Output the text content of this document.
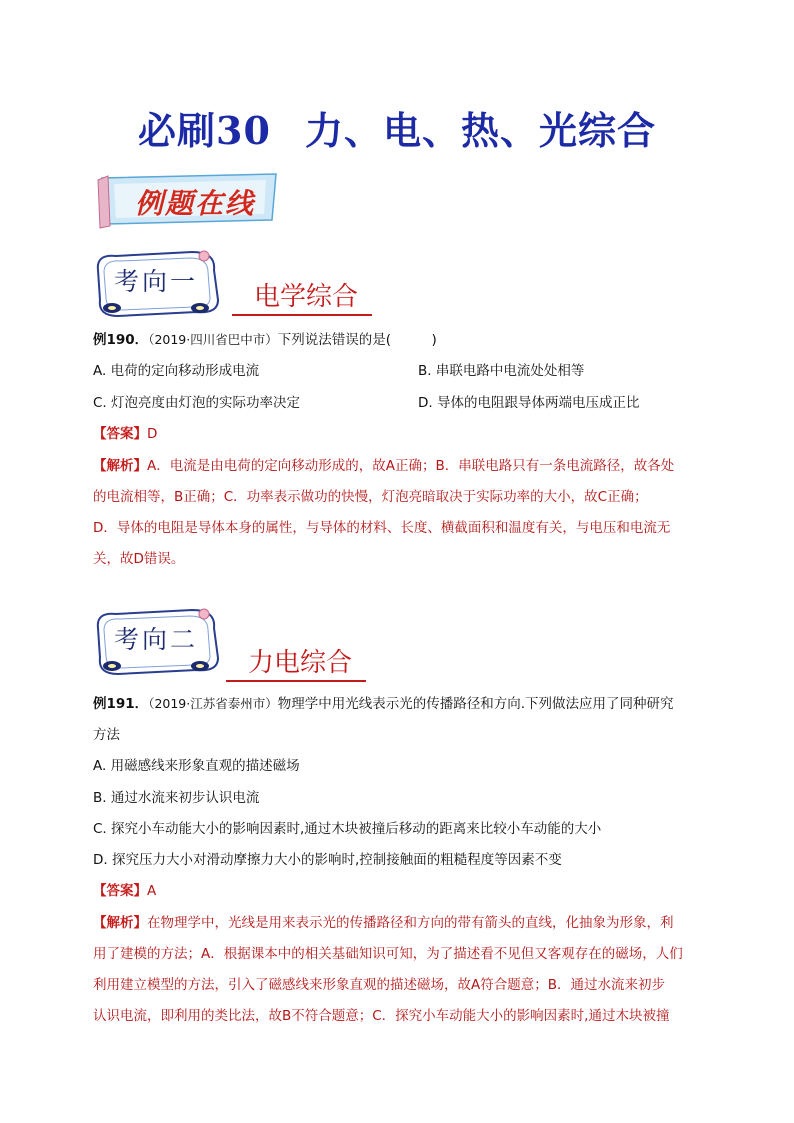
必刷30 力、电、热、光综合
例题在线
考向一
电学综合
例190．（2019·四川省巴中市）下列说法错误的是(　　　)
A. 电荷的定向移动形成电流	B. 串联电路中电流处处相等
C. 灯泡亮度由灯泡的实际功率决定	D. 导体的电阻跟导体两端电压成正比
【答案】D
【解析】A．电流是由电荷的定向移动形成的，故A正确；B．串联电路只有一条电流路径，故各处
的电流相等，B正确；C．功率表示做功的快慢，灯泡亮暗取决于实际功率的大小，故C正确；
D．导体的电阻是导体本身的属性，与导体的材料、长度、横截面积和温度有关，与电压和电流无
关，故D错误。
考向二
力电综合
例191．（2019·江苏省泰州市）物理学中用光线表示光的传播路径和方向.下列做法应用了同种研究
方法
A. 用磁感线来形象直观的描述磁场
B. 通过水流来初步认识电流
C. 探究小车动能大小的影响因素时,通过木块被撞后移动的距离来比较小车动能的大小
D. 探究压力大小对滑动摩擦力大小的影响时,控制接触面的粗糙程度等因素不变
【答案】A
【解析】在物理学中，光线是用来表示光的传播路径和方向的带有箭头的直线，化抽象为形象，利
用了建模的方法；A．根据课本中的相关基础知识可知，为了描述看不见但又客观存在的磁场，人们
利用建立模型的方法，引入了磁感线来形象直观的描述磁场，故A符合题意；B．通过水流来初步
认识电流，即利用的类比法，故B不符合题意；C．探究小车动能大小的影响因素时,通过木块被撞
